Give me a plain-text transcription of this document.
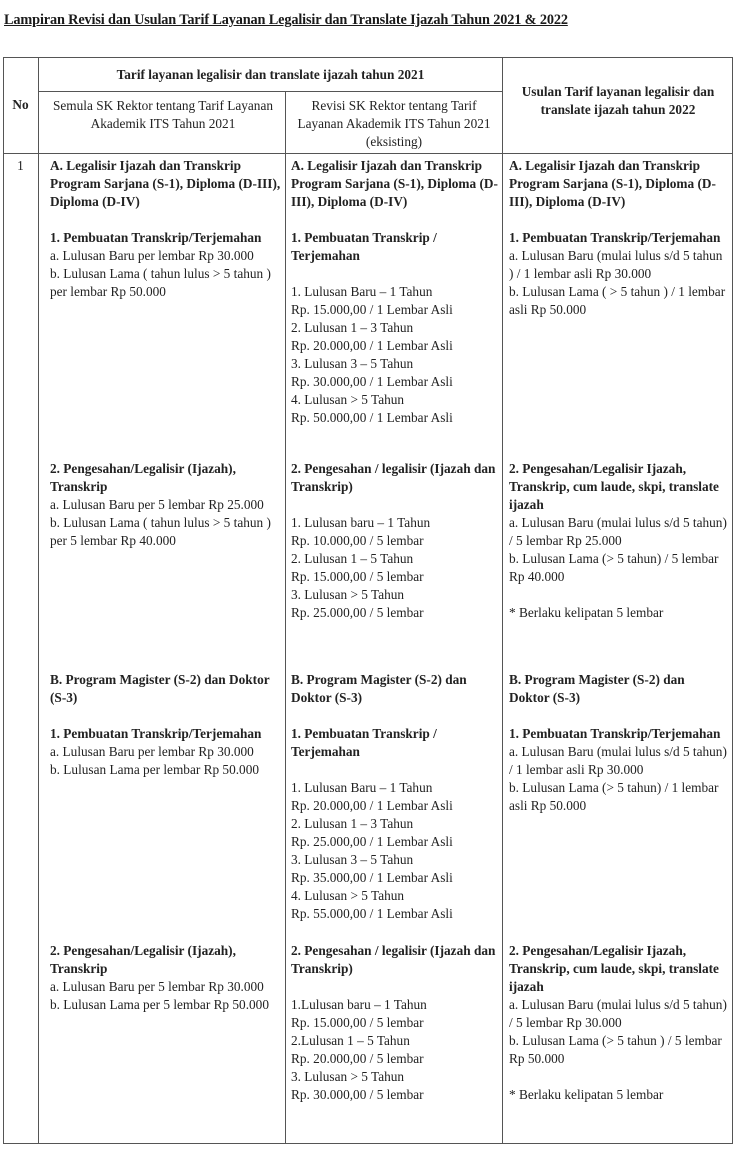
Lampiran Revisi dan Usulan Tarif Layanan Legalisir dan Translate Ijazah Tahun 2021 & 2022
No
Tarif layanan legalisir dan translate ijazah tahun 2021
Semula SK Rektor tentang Tarif Layanan Akademik ITS Tahun 2021
Revisi SK Rektor tentang Tarif Layanan Akademik ITS Tahun 2021 (eksisting)
Usulan Tarif layanan legalisir dan translate ijazah tahun 2022
1	A. Legalisir Ijazah dan Transkrip Program Sarjana (S-1), Diploma (D-III), Diploma (D-IV)
1. Pembuatan Transkrip/Terjemahan
a. Lulusan Baru per lembar Rp 30.000
b. Lulusan Lama ( tahun lulus > 5 tahun ) per lembar Rp 50.000
2. Pengesahan/Legalisir (Ijazah), Transkrip
a. Lulusan Baru per 5 lembar Rp 25.000
b. Lulusan Lama ( tahun lulus > 5 tahun ) per 5 lembar Rp 40.000
B. Program Magister (S-2) dan Doktor (S-3)
1. Pembuatan Transkrip/Terjemahan
a. Lulusan Baru per lembar Rp 30.000
b. Lulusan Lama per lembar Rp 50.000
2. Pengesahan/Legalisir (Ijazah), Transkrip
a. Lulusan Baru per 5 lembar Rp 30.000
b. Lulusan Lama per 5 lembar Rp 50.000
A. Legalisir Ijazah dan Transkrip Program Sarjana (S-1), Diploma (D-III), Diploma (D-IV)
1. Pembuatan Transkrip / Terjemahan
1. Lulusan Baru – 1 Tahun
Rp. 15.000,00 / 1 Lembar Asli
2. Lulusan 1 – 3 Tahun
Rp. 20.000,00 / 1 Lembar Asli
3. Lulusan 3 – 5 Tahun
Rp. 30.000,00 / 1 Lembar Asli
4. Lulusan > 5 Tahun
Rp. 50.000,00 / 1 Lembar Asli
2. Pengesahan / legalisir (Ijazah dan Transkrip)
1. Lulusan baru – 1 Tahun
Rp. 10.000,00 / 5 lembar
2. Lulusan 1 – 5 Tahun
Rp. 15.000,00 / 5 lembar
3. Lulusan > 5 Tahun
Rp. 25.000,00 / 5 lembar
B. Program Magister (S-2) dan Doktor (S-3)
1. Pembuatan Transkrip / Terjemahan
1. Lulusan Baru – 1 Tahun
Rp. 20.000,00 / 1 Lembar Asli
2. Lulusan 1 – 3 Tahun
Rp. 25.000,00 / 1 Lembar Asli
3. Lulusan 3 – 5 Tahun
Rp. 35.000,00 / 1 Lembar Asli
4. Lulusan > 5 Tahun
Rp. 55.000,00 / 1 Lembar Asli
2. Pengesahan / legalisir (Ijazah dan Transkrip)
1.Lulusan baru – 1 Tahun
Rp. 15.000,00 / 5 lembar
2.Lulusan 1 – 5 Tahun
Rp. 20.000,00 / 5 lembar
3. Lulusan > 5 Tahun
Rp. 30.000,00 / 5 lembar
A. Legalisir Ijazah dan Transkrip Program Sarjana (S-1), Diploma (D-III), Diploma (D-IV)
1. Pembuatan Transkrip/Terjemahan
a. Lulusan Baru (mulai lulus s/d 5 tahun ) / 1 lembar asli Rp 30.000
b. Lulusan Lama ( > 5 tahun ) / 1 lembar asli Rp 50.000
2. Pengesahan/Legalisir Ijazah, Transkrip, cum laude, skpi, translate ijazah
a. Lulusan Baru (mulai lulus s/d 5 tahun) / 5 lembar Rp 25.000
b. Lulusan Lama (> 5 tahun) / 5 lembar Rp 40.000
* Berlaku kelipatan 5 lembar
B. Program Magister (S-2) dan Doktor (S-3)
1. Pembuatan Transkrip/Terjemahan
a. Lulusan Baru (mulai lulus s/d 5 tahun) / 1 lembar asli Rp 30.000
b. Lulusan Lama (> 5 tahun) / 1 lembar asli Rp 50.000
2. Pengesahan/Legalisir Ijazah, Transkrip, cum laude, skpi, translate ijazah
a. Lulusan Baru (mulai lulus s/d 5 tahun) / 5 lembar Rp 30.000
b. Lulusan Lama (> 5 tahun ) / 5 lembar Rp 50.000
* Berlaku kelipatan 5 lembar
